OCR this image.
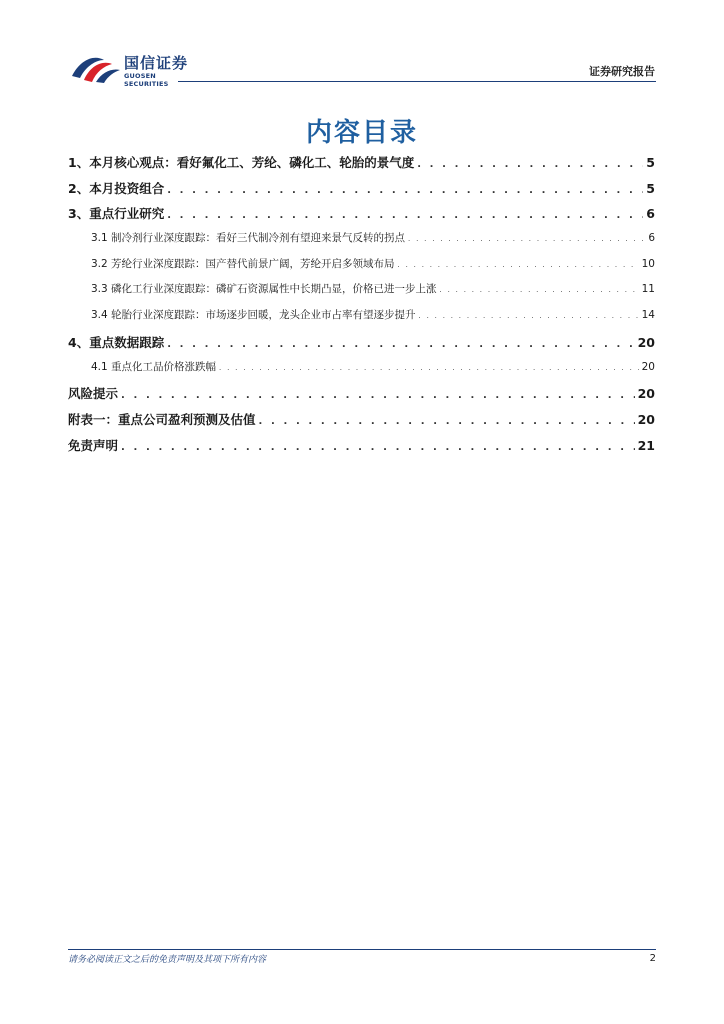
国信证券
GUOSEN SECURITIES
证券研究报告
内容目录
1、本月核心观点：看好氟化工、芳纶、磷化工、轮胎的景气度 . . .	5
2、本月投资组合 . . .	5
3、重点行业研究 . . .	6
3.1 制冷剂行业深度跟踪：看好三代制冷剂有望迎来景气反转的拐点 . . .	6
3.2 芳纶行业深度跟踪：国产替代前景广阔，芳纶开启多领域布局 . . .	10
3.3 磷化工行业深度跟踪：磷矿石资源属性中长期凸显，价格已进一步上涨 . . .	11
3.4 轮胎行业深度跟踪：市场逐步回暖，龙头企业市占率有望逐步提升 . . .	14
4、重点数据跟踪 . . .	20
4.1 重点化工品价格涨跌幅 . . .	20
风险提示 . . .	20
附表一：重点公司盈利预测及估值 . . .	20
免责声明 . . .	21
请务必阅读正文之后的免责声明及其项下所有内容	2
